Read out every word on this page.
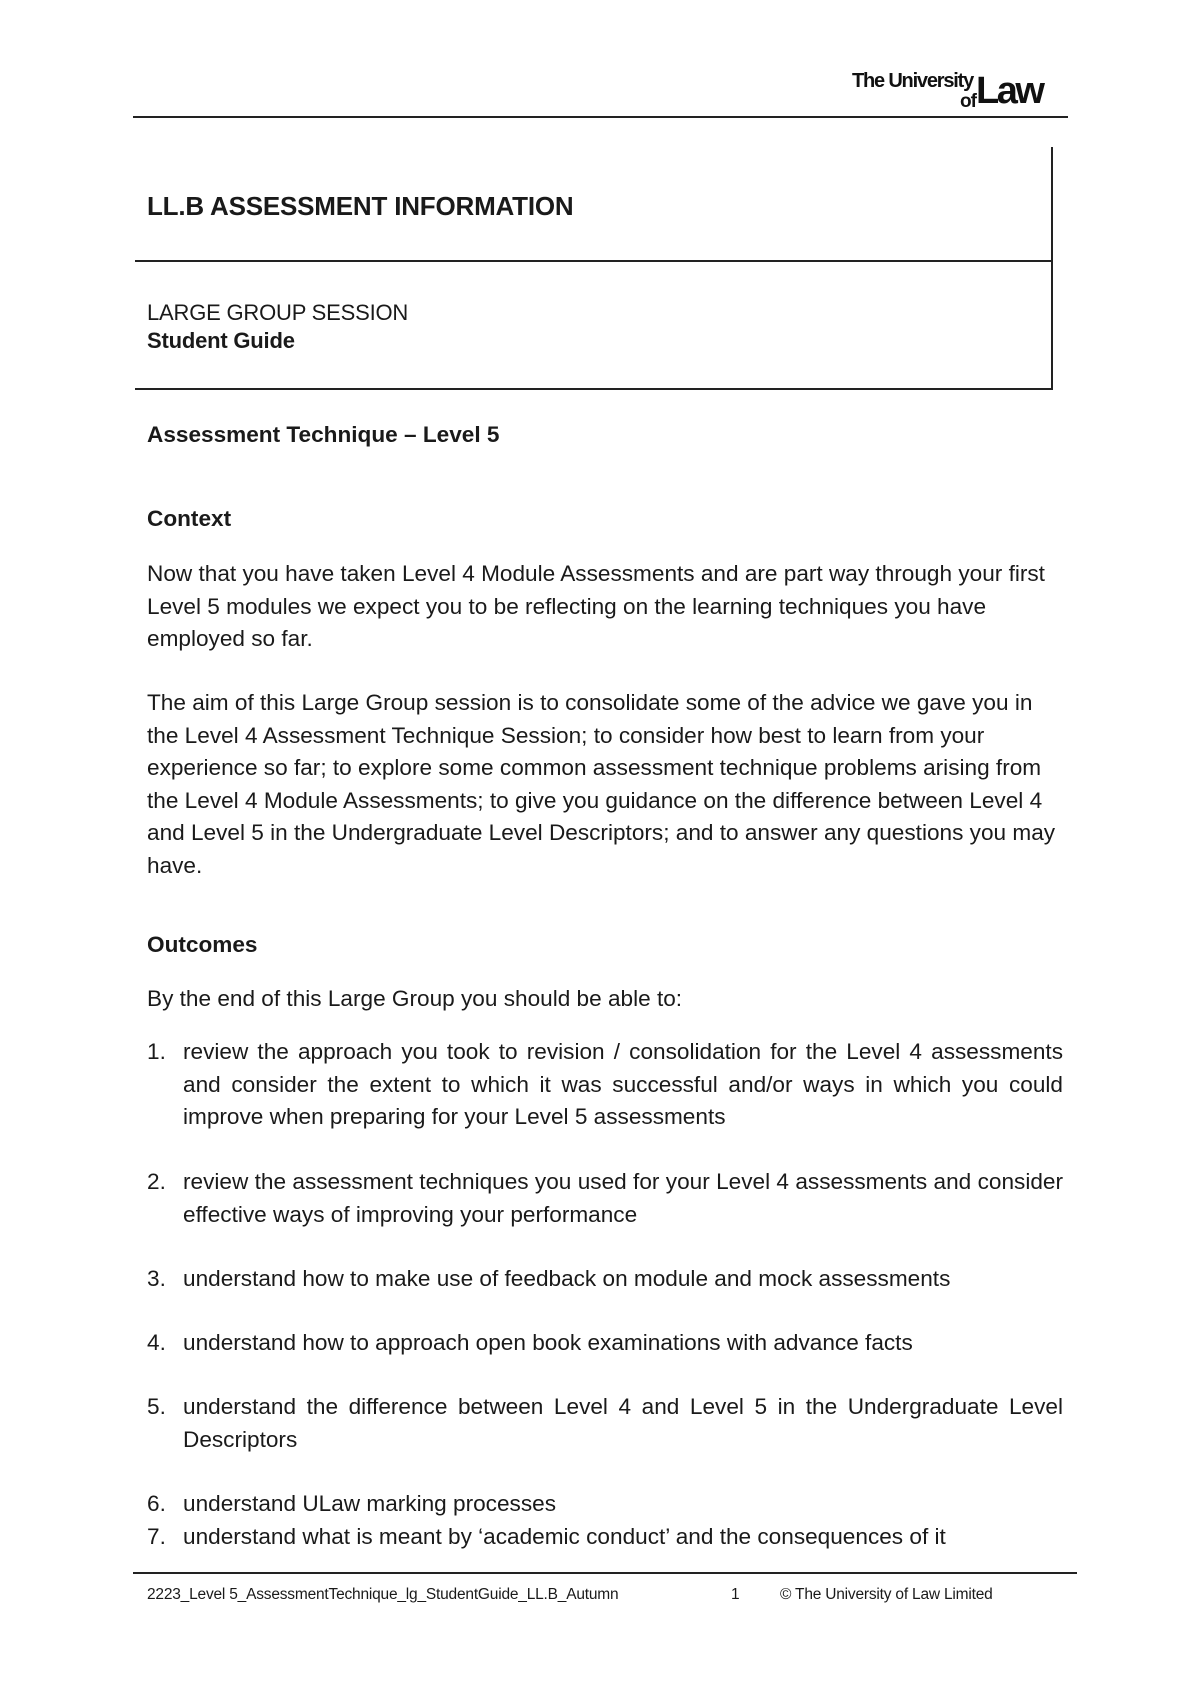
The University
of Law
LL.B ASSESSMENT INFORMATION
LARGE GROUP SESSION
Student Guide
Assessment Technique – Level 5
Context
Now that you have taken Level 4 Module Assessments and are part way through your first Level 5 modules we expect you to be reflecting on the learning techniques you have employed so far.
The aim of this Large Group session is to consolidate some of the advice we gave you in the Level 4 Assessment Technique Session; to consider how best to learn from your experience so far; to explore some common assessment technique problems arising from the Level 4 Module Assessments; to give you guidance on the difference between Level 4 and Level 5 in the Undergraduate Level Descriptors; and to answer any questions you may have.
Outcomes
By the end of this Large Group you should be able to:
1. review the approach you took to revision / consolidation for the Level 4 assessments and consider the extent to which it was successful and/or ways in which you could improve when preparing for your Level 5 assessments
2. review the assessment techniques you used for your Level 4 assessments and consider effective ways of improving your performance
3. understand how to make use of feedback on module and mock assessments
4. understand how to approach open book examinations with advance facts
5. understand the difference between Level 4 and Level 5 in the Undergraduate Level Descriptors
6. understand ULaw marking processes
7. understand what is meant by ‘academic conduct’ and the consequences of it
2223_Level 5_AssessmentTechnique_lg_StudentGuide_LL.B_Autumn	1	© The University of Law Limited
